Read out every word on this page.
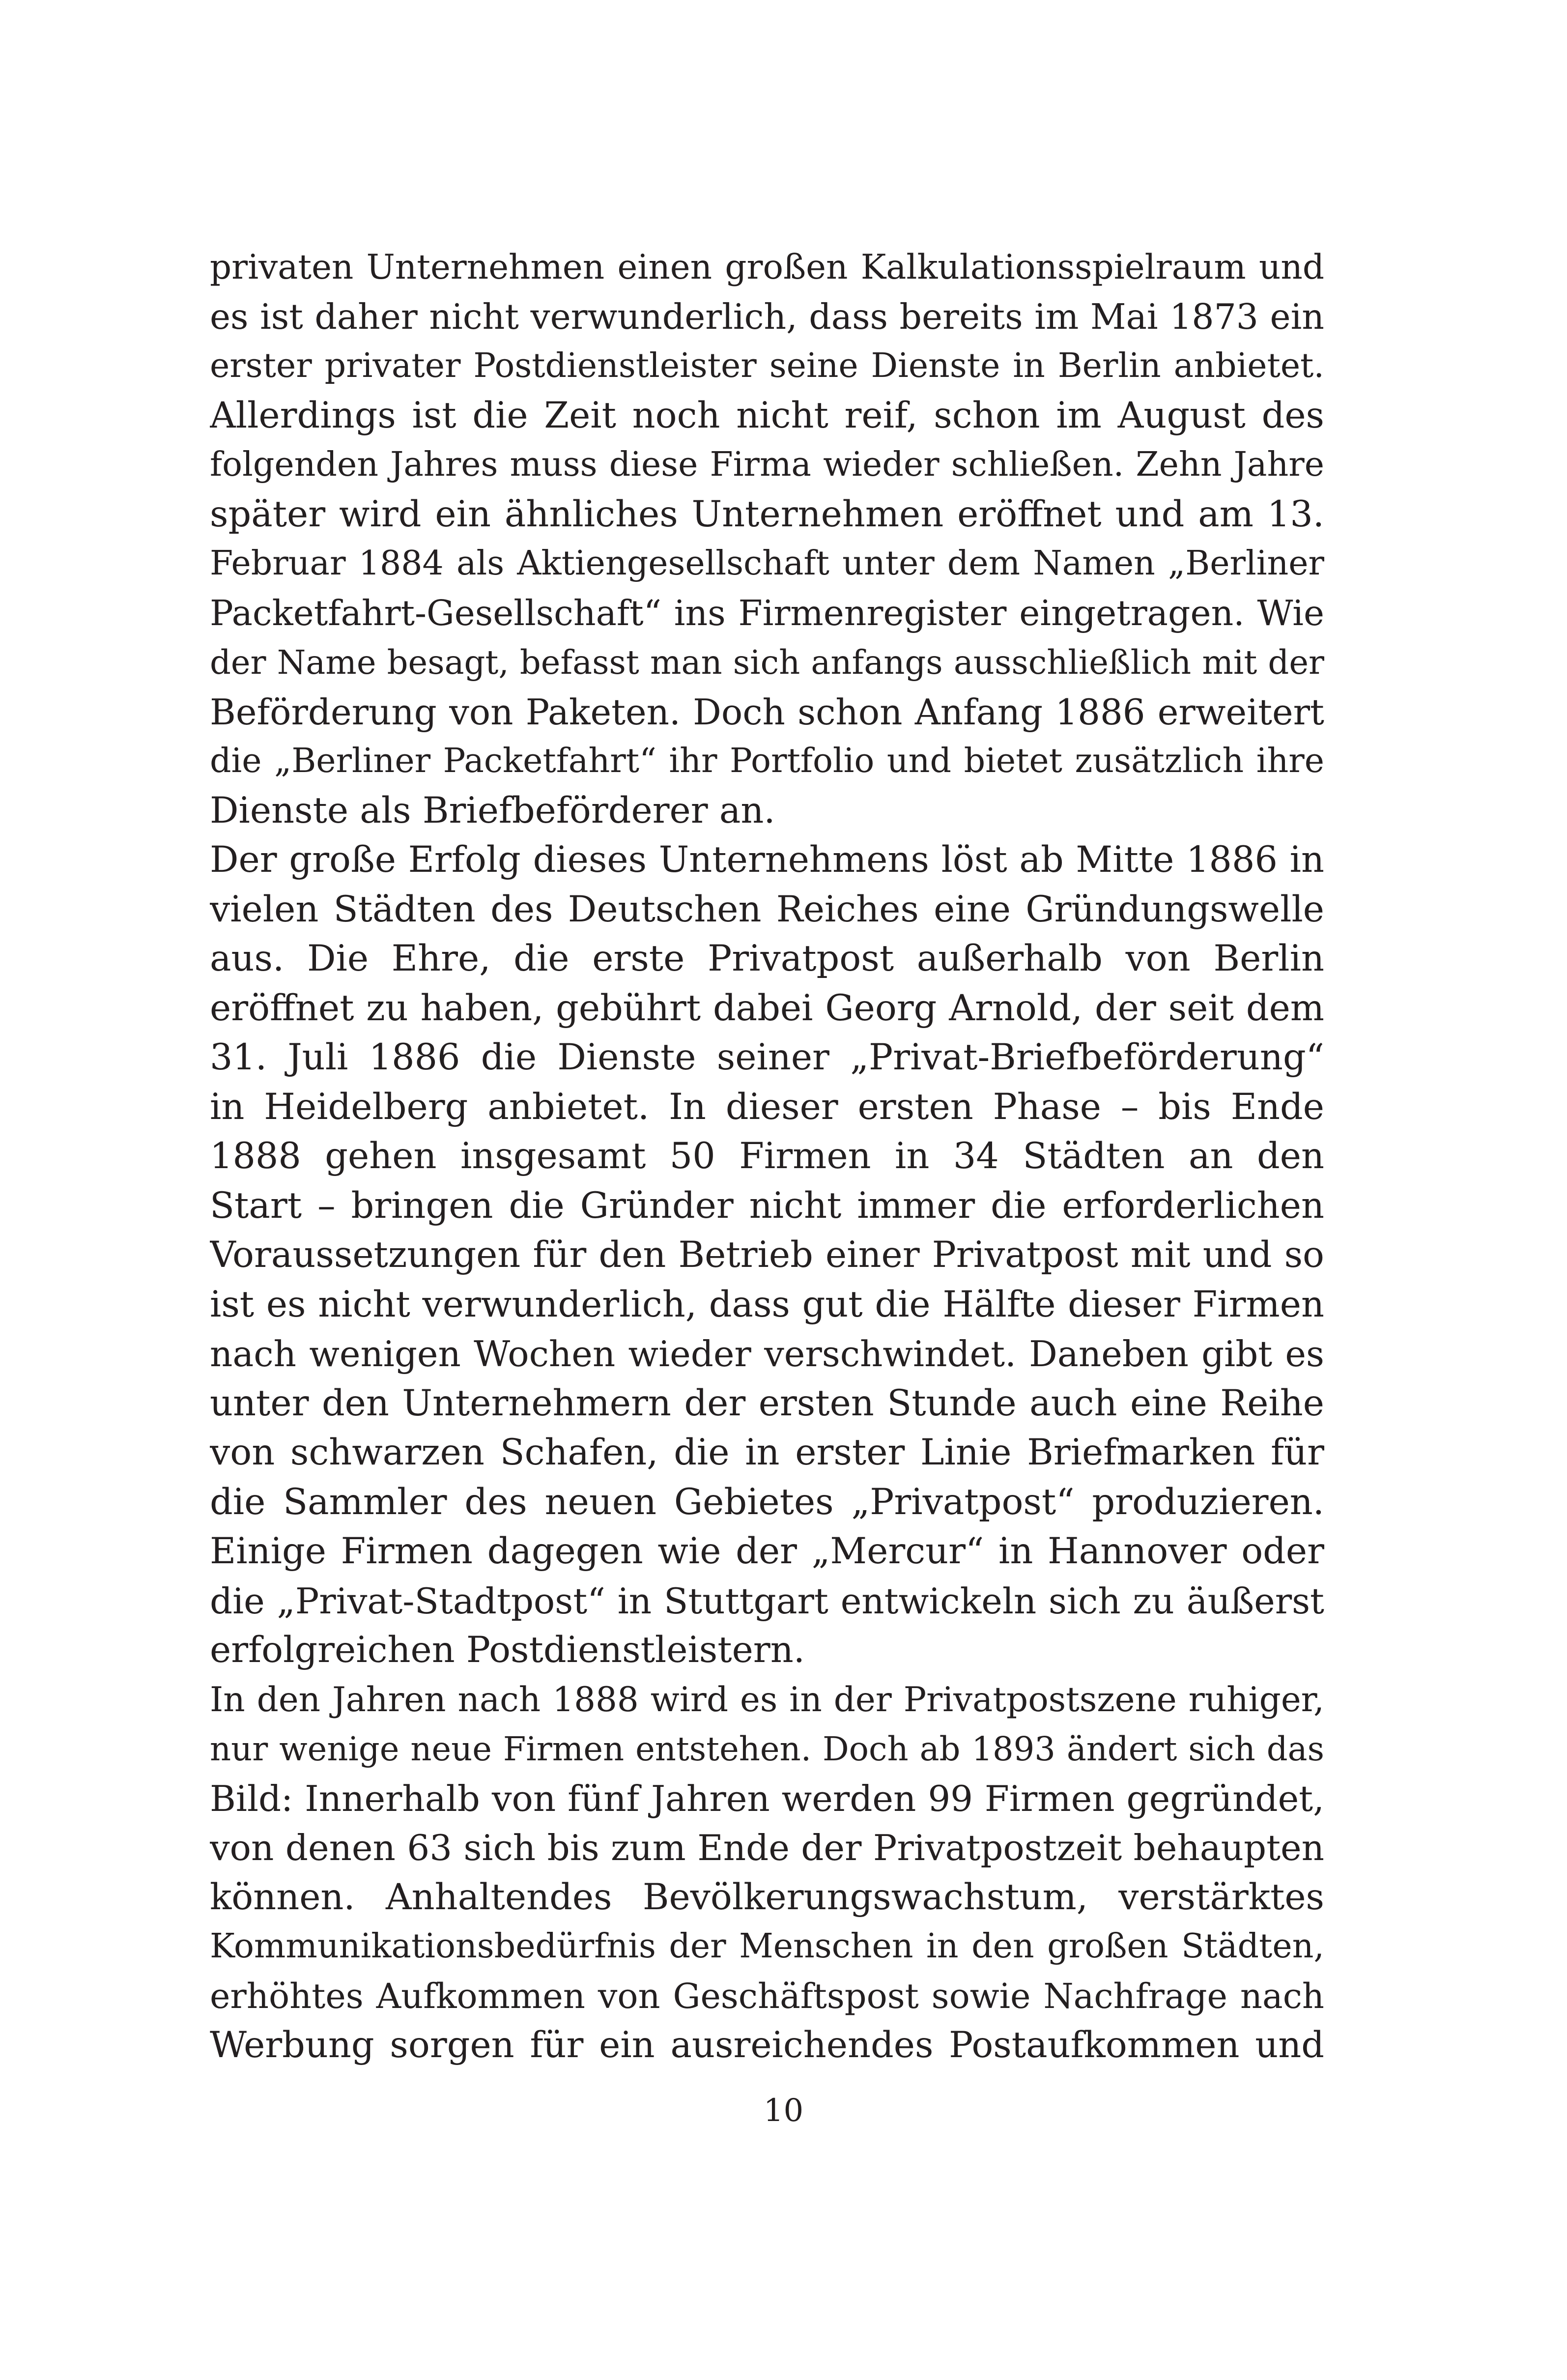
privaten Unternehmen einen großen Kalkulationsspielraum und
es ist daher nicht verwunderlich, dass bereits im Mai 1873 ein
erster privater Postdienstleister seine Dienste in Berlin anbietet.
Allerdings ist die Zeit noch nicht reif, schon im August des
folgenden Jahres muss diese Firma wieder schließen. Zehn Jahre
später wird ein ähnliches Unternehmen eröffnet und am 13.
Februar 1884 als Aktiengesellschaft unter dem Namen „Berliner
Packetfahrt-Gesellschaft“ ins Firmenregister eingetragen. Wie
der Name besagt, befasst man sich anfangs ausschließlich mit der
Beförderung von Paketen. Doch schon Anfang 1886 erweitert
die „Berliner Packetfahrt“ ihr Portfolio und bietet zusätzlich ihre
Dienste als Briefbeförderer an.
Der große Erfolg dieses Unternehmens löst ab Mitte 1886 in
vielen Städten des Deutschen Reiches eine Gründungswelle
aus. Die Ehre, die erste Privatpost außerhalb von Berlin
eröffnet zu haben, gebührt dabei Georg Arnold, der seit dem
31. Juli 1886 die Dienste seiner „Privat-Briefbeförderung“
in Heidelberg anbietet. In dieser ersten Phase – bis Ende
1888 gehen insgesamt 50 Firmen in 34 Städten an den
Start – bringen die Gründer nicht immer die erforderlichen
Voraussetzungen für den Betrieb einer Privatpost mit und so
ist es nicht verwunderlich, dass gut die Hälfte dieser Firmen
nach wenigen Wochen wieder verschwindet. Daneben gibt es
unter den Unternehmern der ersten Stunde auch eine Reihe
von schwarzen Schafen, die in erster Linie Briefmarken für
die Sammler des neuen Gebietes „Privatpost“ produzieren.
Einige Firmen dagegen wie der „Mercur“ in Hannover oder
die „Privat-Stadtpost“ in Stuttgart entwickeln sich zu äußerst
erfolgreichen Postdienstleistern.
In den Jahren nach 1888 wird es in der Privatpostszene ruhiger,
nur wenige neue Firmen entstehen. Doch ab 1893 ändert sich das
Bild: Innerhalb von fünf Jahren werden 99 Firmen gegründet,
von denen 63 sich bis zum Ende der Privatpostzeit behaupten
können. Anhaltendes Bevölkerungswachstum, verstärktes
Kommunikationsbedürfnis der Menschen in den großen Städten,
erhöhtes Aufkommen von Geschäftspost sowie Nachfrage nach
Werbung sorgen für ein ausreichendes Postaufkommen und
10
